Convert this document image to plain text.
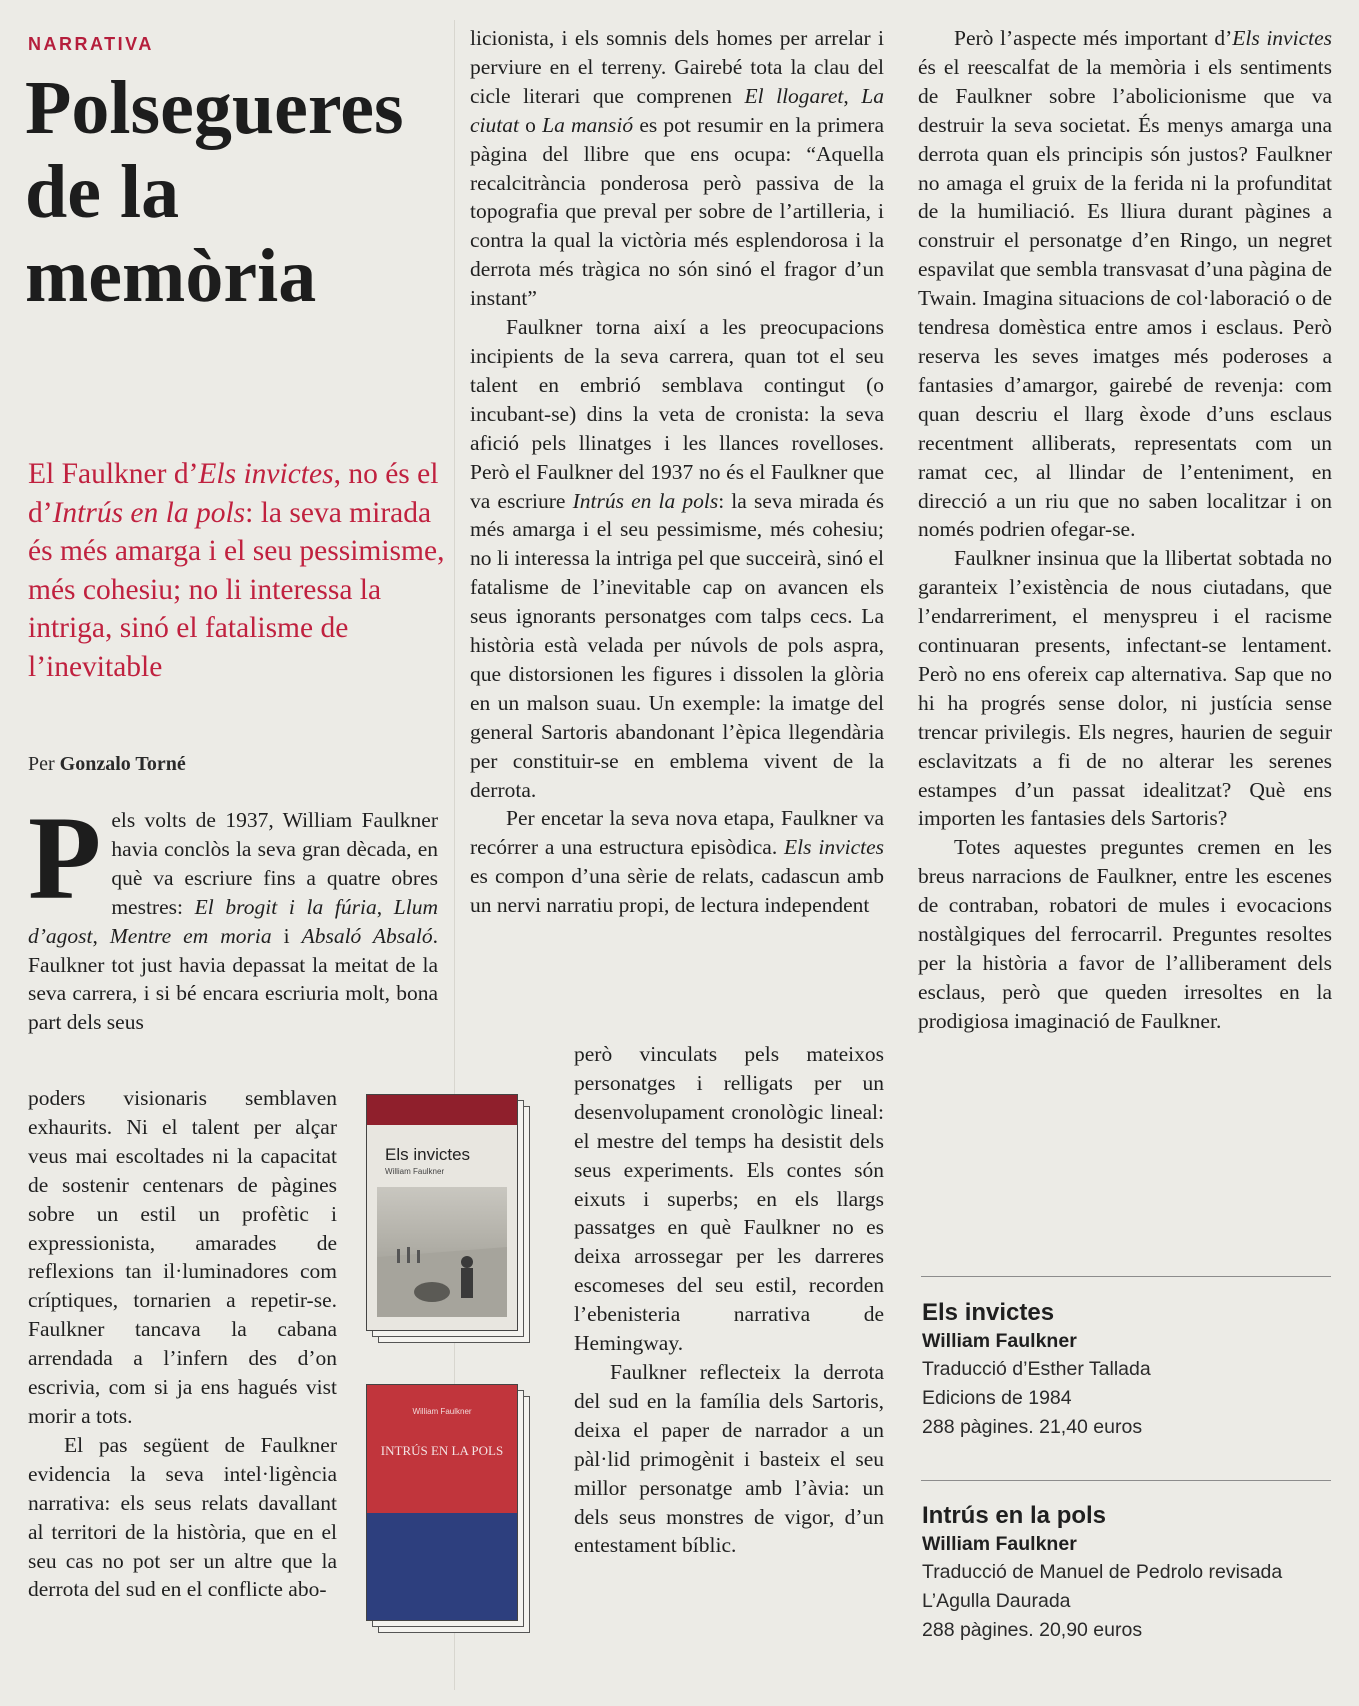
NARRATIVA
Polsegueres
de la
memòria

El Faulkner d’Els invictes, no és el d’Intrús en la pols: la seva mirada és més amarga i el seu pessimisme, més cohesiu; no li interessa la intriga, sinó el fatalisme de l’inevitable

Per Gonzalo Torné

Pels volts de 1937, William Faulkner havia conclòs la seva gran dècada, en què va escriure fins a quatre obres mestres: El brogit i la fúria, Llum d’agost, Mentre em moria i Absaló Absaló. Faulkner tot just havia depassat la meitat de la seva carrera, i si bé encara escriuria molt, bona part dels seus

poders visionaris semblaven exhaurits. Ni el talent per alçar veus mai escoltades ni la capacitat de sostenir centenars de pàgines sobre un estil un profètic i expressionista, amarades de reflexions tan il·luminadores com críptiques, tornarien a repetir-se. Faulkner tancava la cabana arrendada a l’infern des d’on escrivia, com si ja ens hagués vist morir a tots.

El pas següent de Faulkner evidencia la seva intel·ligència narrativa: els seus relats davallant al territori de la història, que en el seu cas no pot ser un altre que la derrota del sud en el conflicte abo-

licionista, i els somnis dels homes per arrelar i perviure en el terreny. Gairebé tota la clau del cicle literari que comprenen El llogaret, La ciutat o La mansió es pot resumir en la primera pàgina del llibre que ens ocupa: “Aquella recalcitrància ponderosa però passiva de la topografia que preval per sobre de l’artilleria, i contra la qual la victòria més esplendorosa i la derrota més tràgica no són sinó el fragor d’un instant”

Faulkner torna així a les preocupacions incipients de la seva carrera, quan tot el seu talent en embrió semblava contingut (o incubant-se) dins la veta de cronista: la seva afició pels llinatges i les llances rovelloses. Però el Faulkner del 1937 no és el Faulkner que va escriure Intrús en la pols: la seva mirada és més amarga i el seu pessimisme, més cohesiu; no li interessa la intriga pel que succeirà, sinó el fatalisme de l’inevitable cap on avancen els seus ignorants personatges com talps cecs. La història està velada per núvols de pols aspra, que distorsionen les figures i dissolen la glòria en un malson suau. Un exemple: la imatge del general Sartoris abandonant l’èpica llegendària per constituir-se en emblema vivent de la derrota.

Per encetar la seva nova etapa, Faulkner va recórrer a una estructura episòdica. Els invictes es compon d’una sèrie de relats, cadascun amb un nervi narratiu propi, de lectura independent

però vinculats pels mateixos personatges i relligats per un desenvolupament cronològic lineal: el mestre del temps ha desistit dels seus experiments. Els contes són eixuts i superbs; en els llargs passatges en què Faulkner no es deixa arrossegar per les darreres escomeses del seu estil, recorden l’ebenisteria narrativa de Hemingway.

Faulkner reflecteix la derrota del sud en la família dels Sartoris, deixa el paper de narrador a un pàl·lid primogènit i basteix el seu millor personatge amb l’àvia: un dels seus monstres de vigor, d’un entestament bíblic.

Però l’aspecte més important d’Els invictes és el reescalfat de la memòria i els sentiments de Faulkner sobre l’abolicionisme que va destruir la seva societat. És menys amarga una derrota quan els principis són justos? Faulkner no amaga el gruix de la ferida ni la profunditat de la humiliació. Es lliura durant pàgines a construir el personatge d’en Ringo, un negret espavilat que sembla transvasat d’una pàgina de Twain. Imagina situacions de col·laboració o de tendresa domèstica entre amos i esclaus. Però reserva les seves imatges més poderoses a fantasies d’amargor, gairebé de revenja: com quan descriu el llarg èxode d’uns esclaus recentment alliberats, representats com un ramat cec, al llindar de l’enteniment, en direcció a un riu que no saben localitzar i on només podrien ofegar-se.

Faulkner insinua que la llibertat sobtada no garanteix l’existència de nous ciutadans, que l’endarreriment, el menyspreu i el racisme continuaran presents, infectant-se lentament. Però no ens ofereix cap alternativa. Sap que no hi ha progrés sense dolor, ni justícia sense trencar privilegis. Els negres, haurien de seguir esclavitzats a fi de no alterar les serenes estampes d’un passat idealitzat? Què ens importen les fantasies dels Sartoris?

Totes aquestes preguntes cremen en les breus narracions de Faulkner, entre les escenes de contraban, robatori de mules i evocacions nostàlgiques del ferrocarril. Preguntes resoltes per la història a favor de l’alliberament dels esclaus, però que queden irresoltes en la prodigiosa imaginació de Faulkner.

Els invictes
William Faulkner
William Faulkner
INTRÚS EN LA POLS
Els invictes
William Faulkner
Traducció d’Esther Tallada
Edicions de 1984
288 pàgines. 21,40 euros
Intrús en la pols
William Faulkner
Traducció de Manuel de Pedrolo revisada
L’Agulla Daurada
288 pàgines. 20,90 euros
